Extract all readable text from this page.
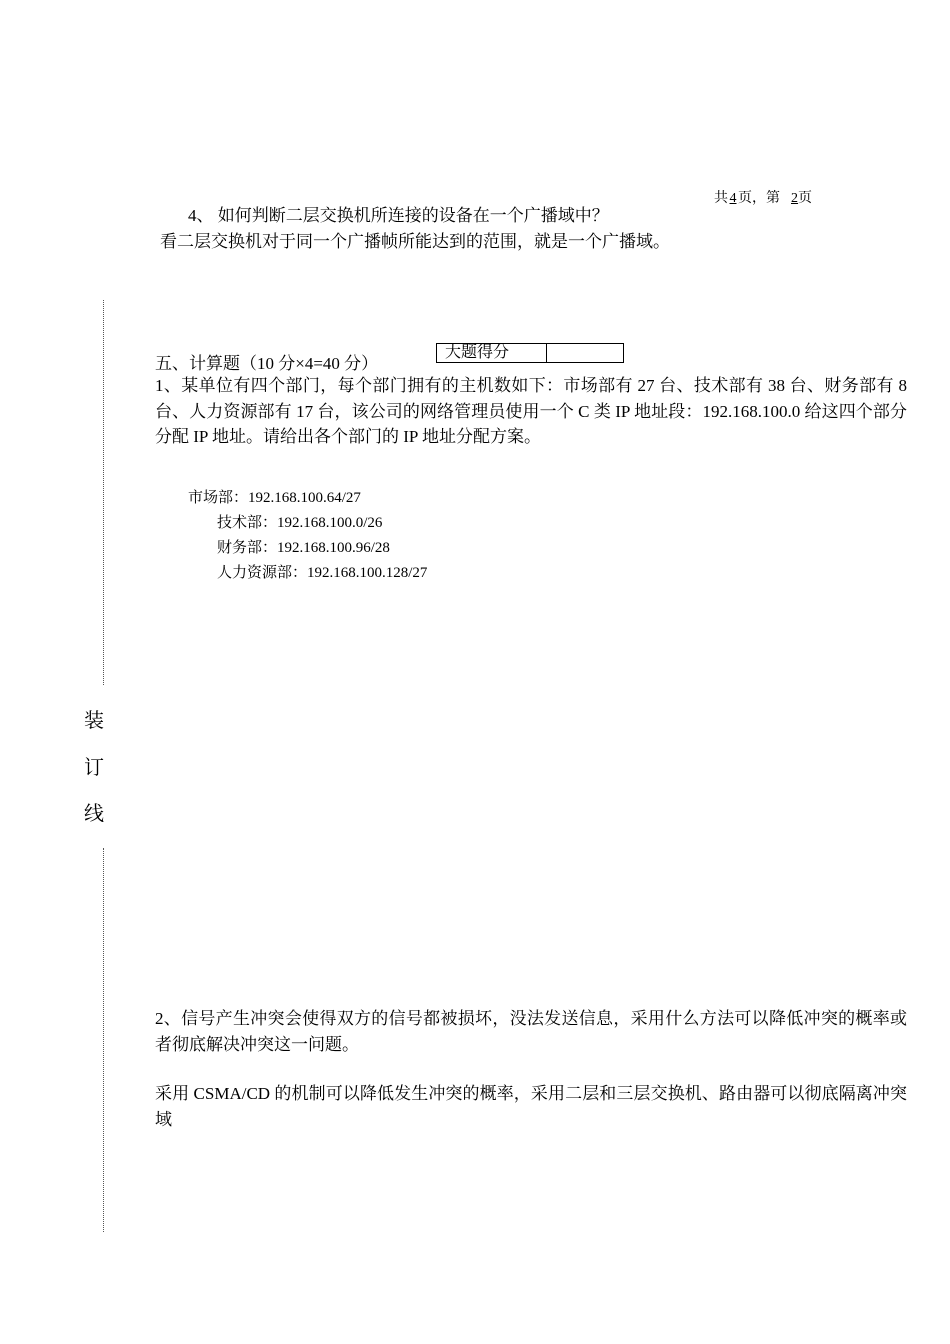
共 4 页，第 2页
4、 如何判断二层交换机所连接的设备在一个广播域中？
看二层交换机对于同一个广播帧所能达到的范围，就是一个广播域。
装
订
线
五、计算题（10 分×4=40 分）
大题得分
1、某单位有四个部门，每个部门拥有的主机数如下：市场部有 27 台、技术部有 38 台、财务部有 8 台、人力资源部有 17 台，该公司的网络管理员使用一个 C 类 IP 地址段：192.168.100.0 给这四个部分分配 IP 地址。请给出各个部门的 IP 地址分配方案。
市场部：192.168.100.64/27
技术部：192.168.100.0/26
财务部：192.168.100.96/28
人力资源部：192.168.100.128/27
2、信号产生冲突会使得双方的信号都被损坏，没法发送信息，采用什么方法可以降低冲突的概率或者彻底解决冲突这一问题。
采用 CSMA/CD 的机制可以降低发生冲突的概率，采用二层和三层交换机、路由器可以彻底隔离冲突域
